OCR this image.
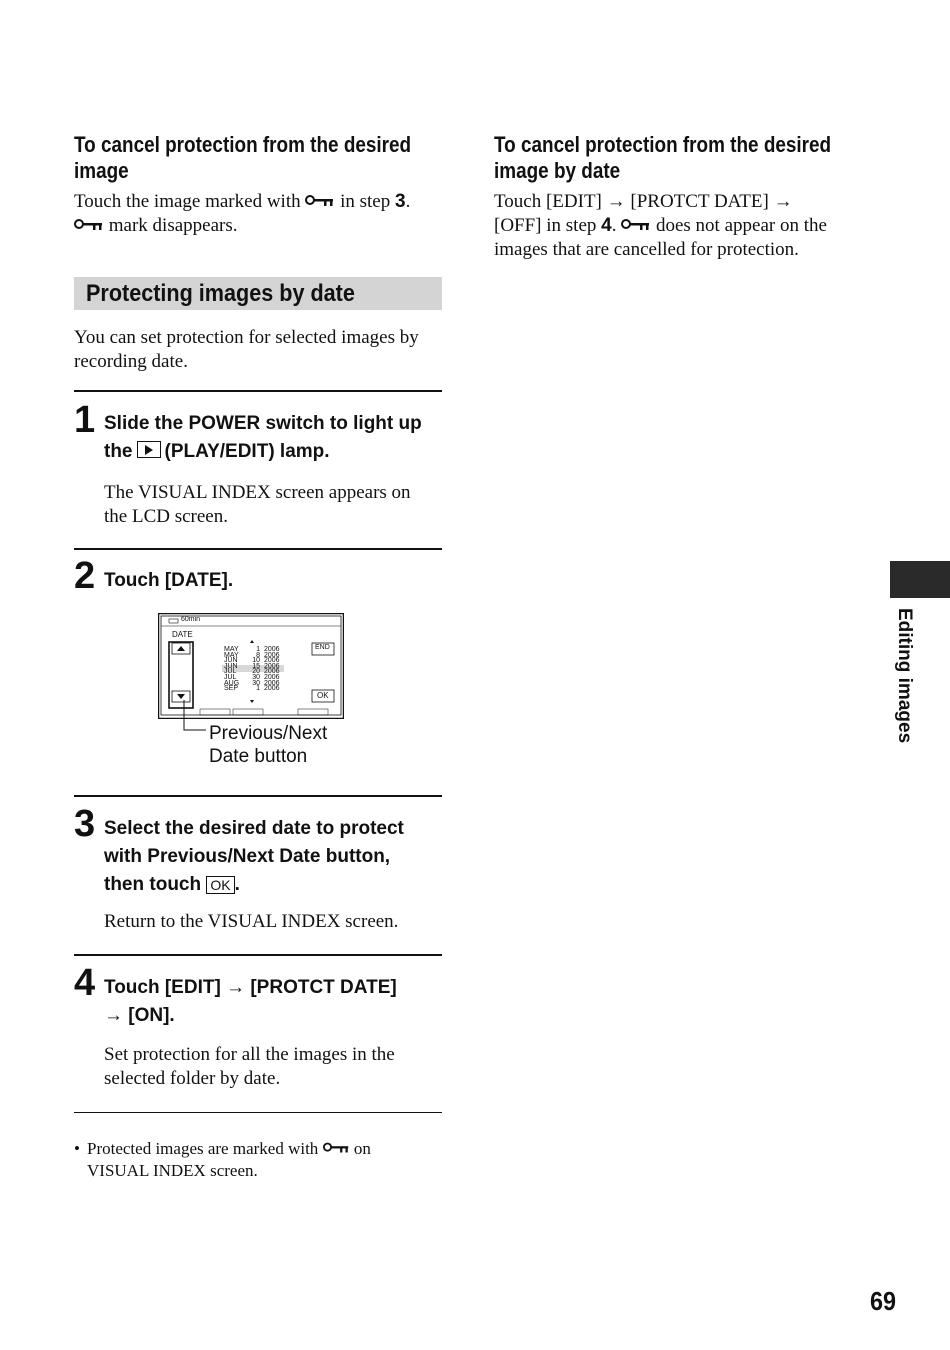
To cancel protection from the desired
image
Touch the image marked with in step 3.
mark disappears.
To cancel protection from the desired
image by date
Touch [EDIT] → [PROTCT DATE] →
[OFF] in step 4. does not appear on the
images that are cancelled for protection.
Protecting images by date
You can set protection for selected images by
recording date.
1 Slide the POWER switch to light up
the (PLAY/EDIT) lamp.
The VISUAL INDEX screen appears on
the LCD screen.
2 Touch [DATE].
60min
DATE
END
OK
MAY	1 2006
MAY	8 2006
JUN	10 2006
JUN	15 2006
JUL	20 2006
JUL	30 2006
AUG	30 2006
SEP	1 2006
Previous/Next
Date button
3 Select the desired date to protect
with Previous/Next Date button,
then touch OK .
Return to the VISUAL INDEX screen.
4 Touch [EDIT] → [PROTCT DATE]
→ [ON].
Set protection for all the images in the
selected folder by date.
• Protected images are marked with on
VISUAL INDEX screen.
Editing images
69
